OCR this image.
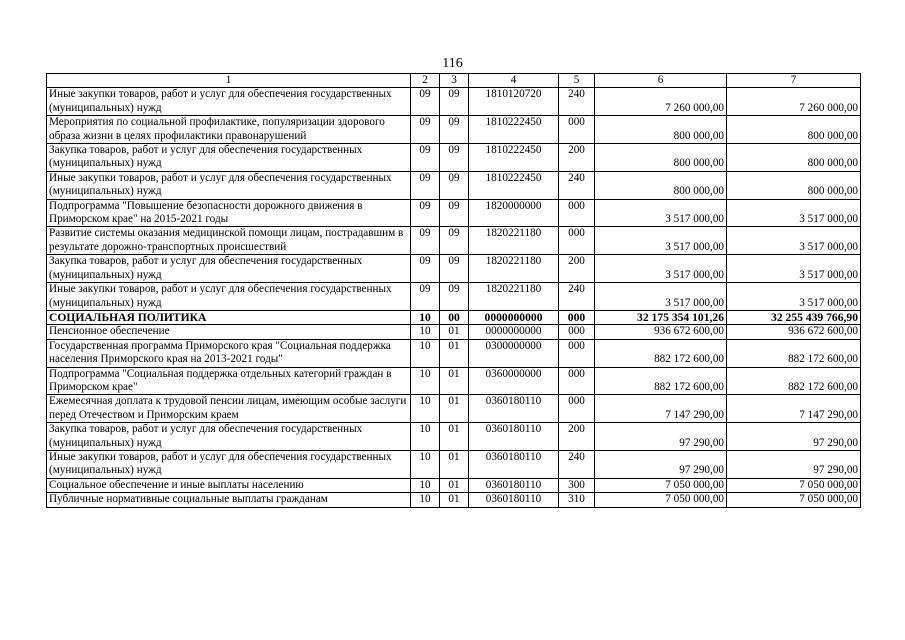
116
1	2	3	4	5	6	7
Иные закупки товаров, работ и услуг для обеспечения государственных (муниципальных) нужд	09	09	1810120720	240	7 260 000,00	7 260 000,00
Мероприятия по социальной профилактике, популяризации здорового образа жизни в целях профилактики правонарушений	09	09	1810222450	000	800 000,00	800 000,00
Закупка товаров, работ и услуг для обеспечения государственных (муниципальных) нужд	09	09	1810222450	200	800 000,00	800 000,00
Иные закупки товаров, работ и услуг для обеспечения государственных (муниципальных) нужд	09	09	1810222450	240	800 000,00	800 000,00
Подпрограмма "Повышение безопасности дорожного движения в Приморском крае" на 2015-2021 годы	09	09	1820000000	000	3 517 000,00	3 517 000,00
Развитие системы оказания медицинской помощи лицам, пострадавшим в результате дорожно-транспортных происшествий	09	09	1820221180	000	3 517 000,00	3 517 000,00
Закупка товаров, работ и услуг для обеспечения государственных (муниципальных) нужд	09	09	1820221180	200	3 517 000,00	3 517 000,00
Иные закупки товаров, работ и услуг для обеспечения государственных (муниципальных) нужд	09	09	1820221180	240	3 517 000,00	3 517 000,00
СОЦИАЛЬНАЯ ПОЛИТИКА	10	00	0000000000	000	32 175 354 101,26	32 255 439 766,90
Пенсионное обеспечение	10	01	0000000000	000	936 672 600,00	936 672 600,00
Государственная программа Приморского края "Социальная поддержка населения Приморского края на 2013-2021 годы"	10	01	0300000000	000	882 172 600,00	882 172 600,00
Подпрограмма "Социальная поддержка отдельных категорий граждан в Приморском крае"	10	01	0360000000	000	882 172 600,00	882 172 600,00
Ежемесячная доплата к трудовой пенсии лицам, имеющим особые заслуги перед Отечеством и Приморским краем	10	01	0360180110	000	7 147 290,00	7 147 290,00
Закупка товаров, работ и услуг для обеспечения государственных (муниципальных) нужд	10	01	0360180110	200	97 290,00	97 290,00
Иные закупки товаров, работ и услуг для обеспечения государственных (муниципальных) нужд	10	01	0360180110	240	97 290,00	97 290,00
Социальное обеспечение и иные выплаты населению	10	01	0360180110	300	7 050 000,00	7 050 000,00
Публичные нормативные социальные выплаты гражданам	10	01	0360180110	310	7 050 000,00	7 050 000,00
